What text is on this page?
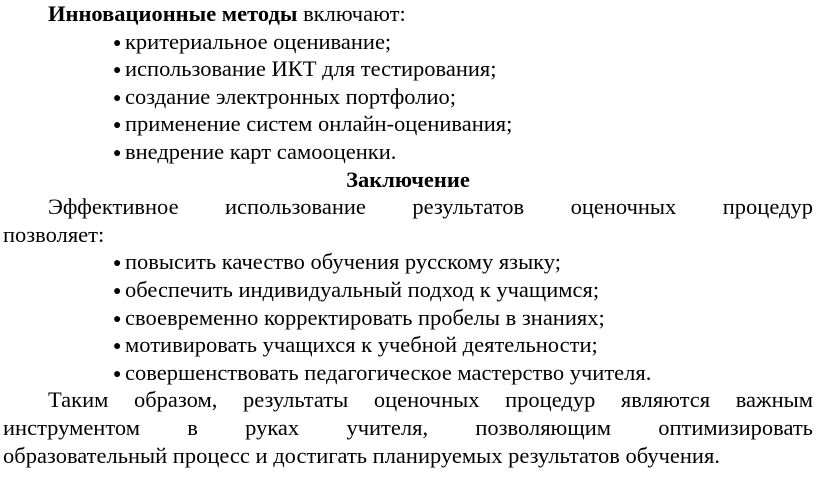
Инновационные методы включают:
● критериальное оценивание;
● использование ИКТ для тестирования;
● создание электронных портфолио;
● применение систем онлайн-оценивания;
● внедрение карт самооценки.
Заключение
Эффективное использование результатов оценочных процедур
позволяет:
● повысить качество обучения русскому языку;
● обеспечить индивидуальный подход к учащимся;
● своевременно корректировать пробелы в знаниях;
● мотивировать учащихся к учебной деятельности;
● совершенствовать педагогическое мастерство учителя.
Таким образом, результаты оценочных процедур являются важным
инструментом в руках учителя, позволяющим оптимизировать
образовательный процесс и достигать планируемых результатов обучения.
